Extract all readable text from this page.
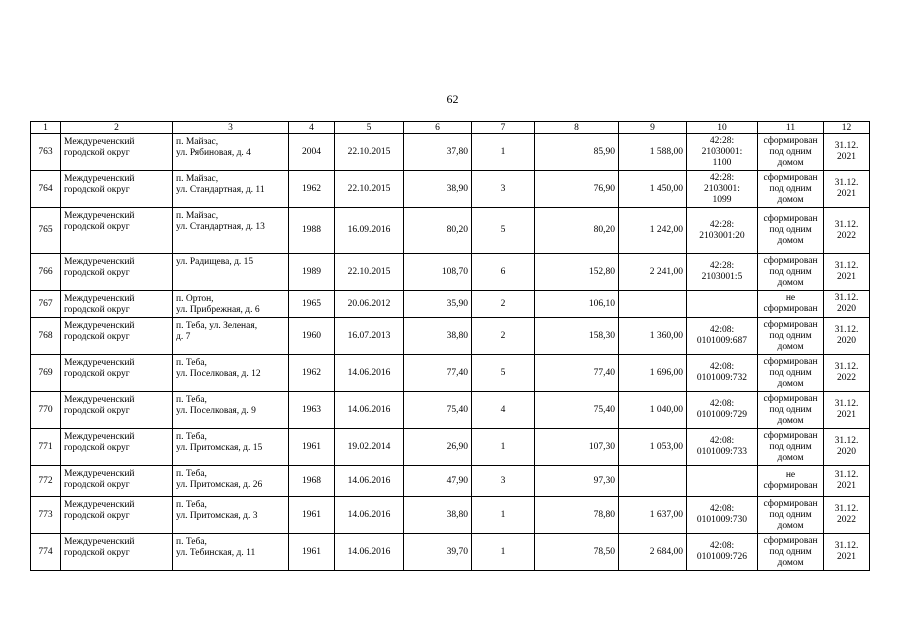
62
1	2	3	4	5	6	7	8	9	10	11	12
763	Междуреченский
городской округ	п. Майзас,
ул. Рябиновая, д. 4	2004	22.10.2015	37,80	1	85,90	1 588,00	42:28:
21030001:
1100	сформирован
под одним
домом	31.12.
2021
764	Междуреченский
городской округ	п. Майзас,
ул. Стандартная, д. 11	1962	22.10.2015	38,90	3	76,90	1 450,00	42:28:
2103001:
1099	сформирован
под одним
домом	31.12.
2021
765	Междуреченский
городской округ	п. Майзас,
ул. Стандартная, д. 13	1988	16.09.2016	80,20	5	80,20	1 242,00	42:28:
2103001:20	сформирован
под одним
домом	31.12.
2022
766	Междуреченский
городской округ	ул. Радищева, д. 15	1989	22.10.2015	108,70	6	152,80	2 241,00	42:28:
2103001:5	сформирован
под одним
домом	31.12.
2021
767	Междуреченский
городской округ	п. Ортон,
ул. Прибрежная, д. 6	1965	20.06.2012	35,90	2	106,10			не
сформирован	31.12.
2020
768	Междуреченский
городской округ	п. Теба, ул. Зеленая,
д. 7	1960	16.07.2013	38,80	2	158,30	1 360,00	42:08:
0101009:687	сформирован
под одним
домом	31.12.
2020
769	Междуреченский
городской округ	п. Теба,
ул. Поселковая, д. 12	1962	14.06.2016	77,40	5	77,40	1 696,00	42:08:
0101009:732	сформирован
под одним
домом	31.12.
2022
770	Междуреченский
городской округ	п. Теба,
ул. Поселковая, д. 9	1963	14.06.2016	75,40	4	75,40	1 040,00	42:08:
0101009:729	сформирован
под одним
домом	31.12.
2021
771	Междуреченский
городской округ	п. Теба,
ул. Притомская, д. 15	1961	19.02.2014	26,90	1	107,30	1 053,00	42:08:
0101009:733	сформирован
под одним
домом	31.12.
2020
772	Междуреченский
городской округ	п. Теба,
ул. Притомская, д. 26	1968	14.06.2016	47,90	3	97,30			не
сформирован	31.12.
2021
773	Междуреченский
городской округ	п. Теба,
ул. Притомская, д. 3	1961	14.06.2016	38,80	1	78,80	1 637,00	42:08:
0101009:730	сформирован
под одним
домом	31.12.
2022
774	Междуреченский
городской округ	п. Теба,
ул. Тебинская, д. 11	1961	14.06.2016	39,70	1	78,50	2 684,00	42:08:
0101009:726	сформирован
под одним
домом	31.12.
2021
